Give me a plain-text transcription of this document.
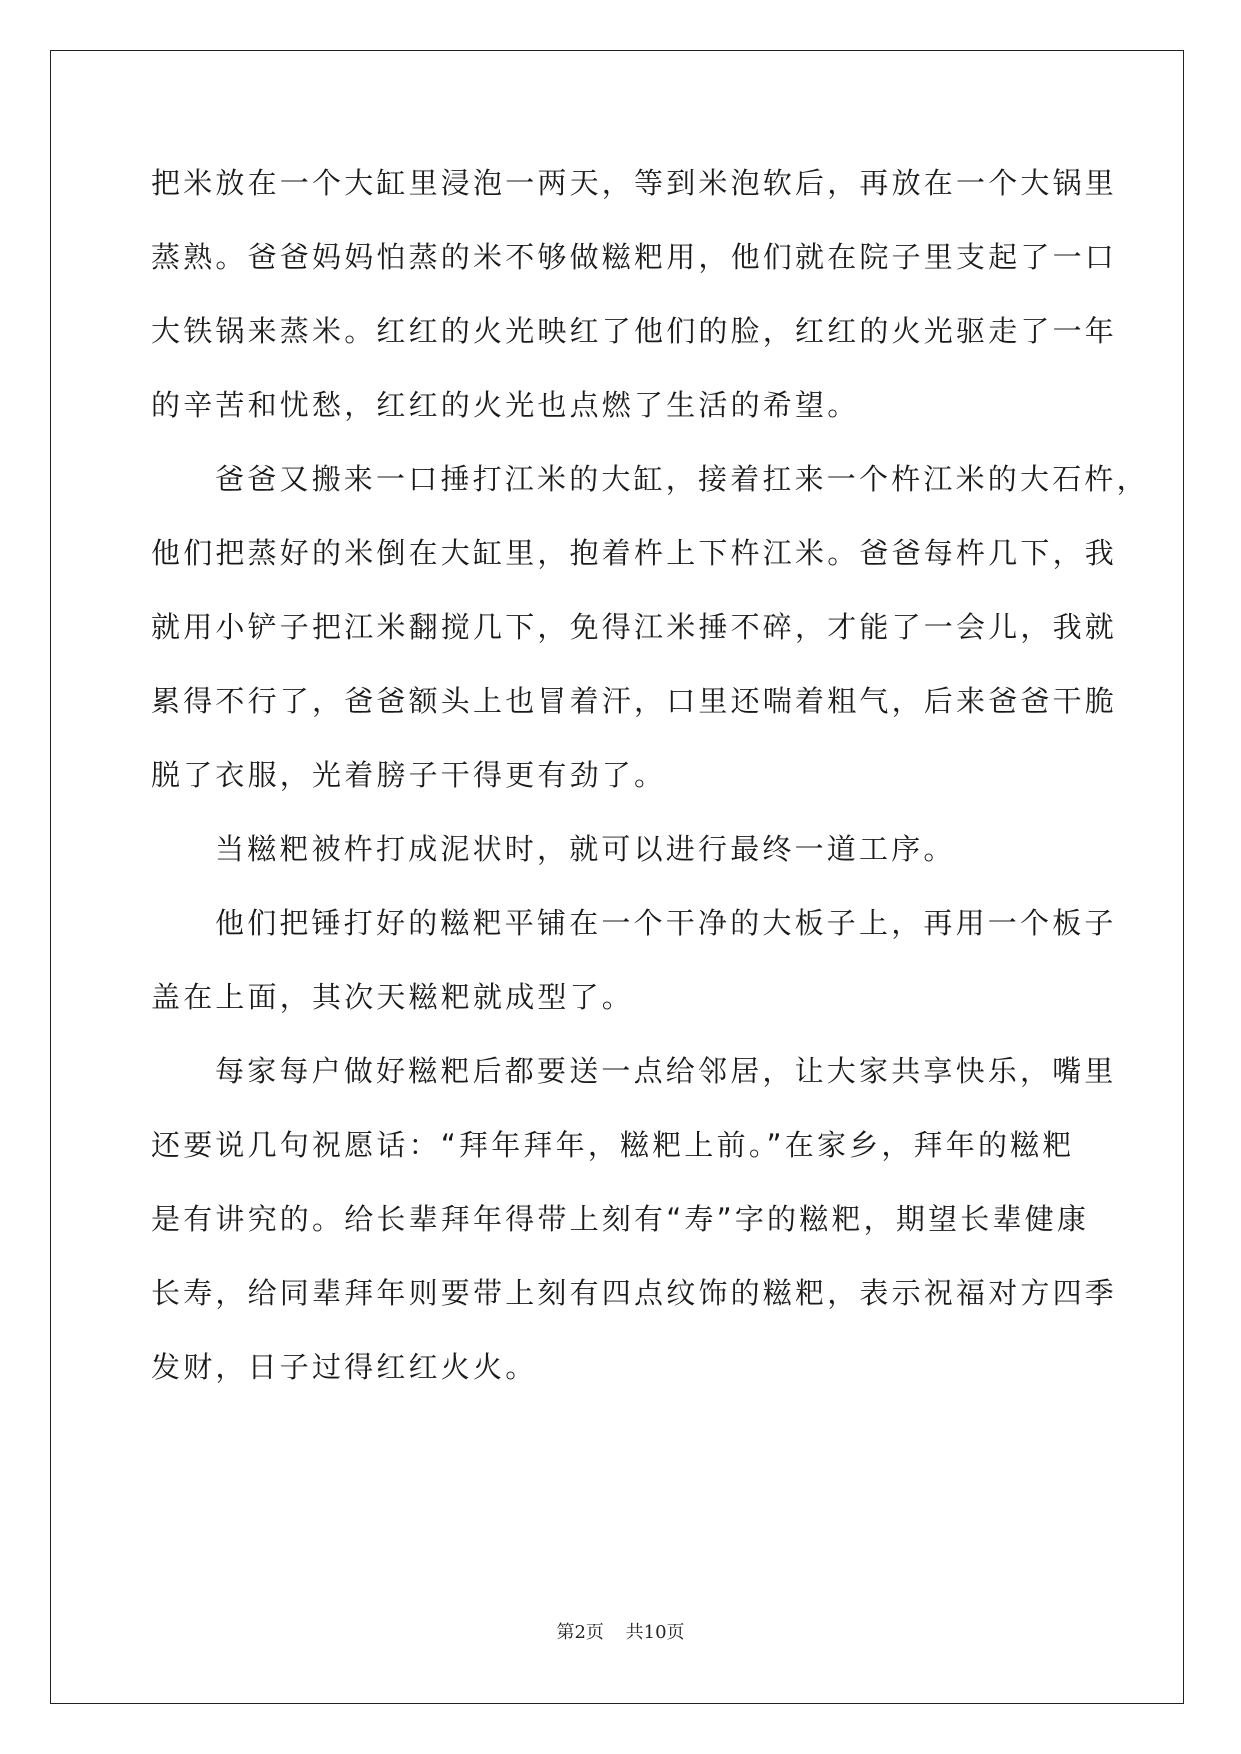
把米放在一个大缸里浸泡一两天，等到米泡软后，再放在一个大锅里
蒸熟。爸爸妈妈怕蒸的米不够做糍粑用，他们就在院子里支起了一口
大铁锅来蒸米。红红的火光映红了他们的脸，红红的火光驱走了一年
的辛苦和忧愁，红红的火光也点燃了生活的希望。
爸爸又搬来一口捶打江米的大缸，接着扛来一个杵江米的大石杵，
他们把蒸好的米倒在大缸里，抱着杵上下杵江米。爸爸每杵几下，我
就用小铲子把江米翻搅几下，免得江米捶不碎，才能了一会儿，我就
累得不行了，爸爸额头上也冒着汗，口里还喘着粗气，后来爸爸干脆
脱了衣服，光着膀子干得更有劲了。
当糍粑被杵打成泥状时，就可以进行最终一道工序。
他们把锤打好的糍粑平铺在一个干净的大板子上，再用一个板子
盖在上面，其次天糍粑就成型了。
每家每户做好糍粑后都要送一点给邻居，让大家共享快乐，嘴里
还要说几句祝愿话：“拜年拜年，糍粑上前。”在家乡，拜年的糍粑
是有讲究的。给长辈拜年得带上刻有“寿”字的糍粑，期望长辈健康
长寿，给同辈拜年则要带上刻有四点纹饰的糍粑，表示祝福对方四季
发财，日子过得红红火火。
第2页 共10页
